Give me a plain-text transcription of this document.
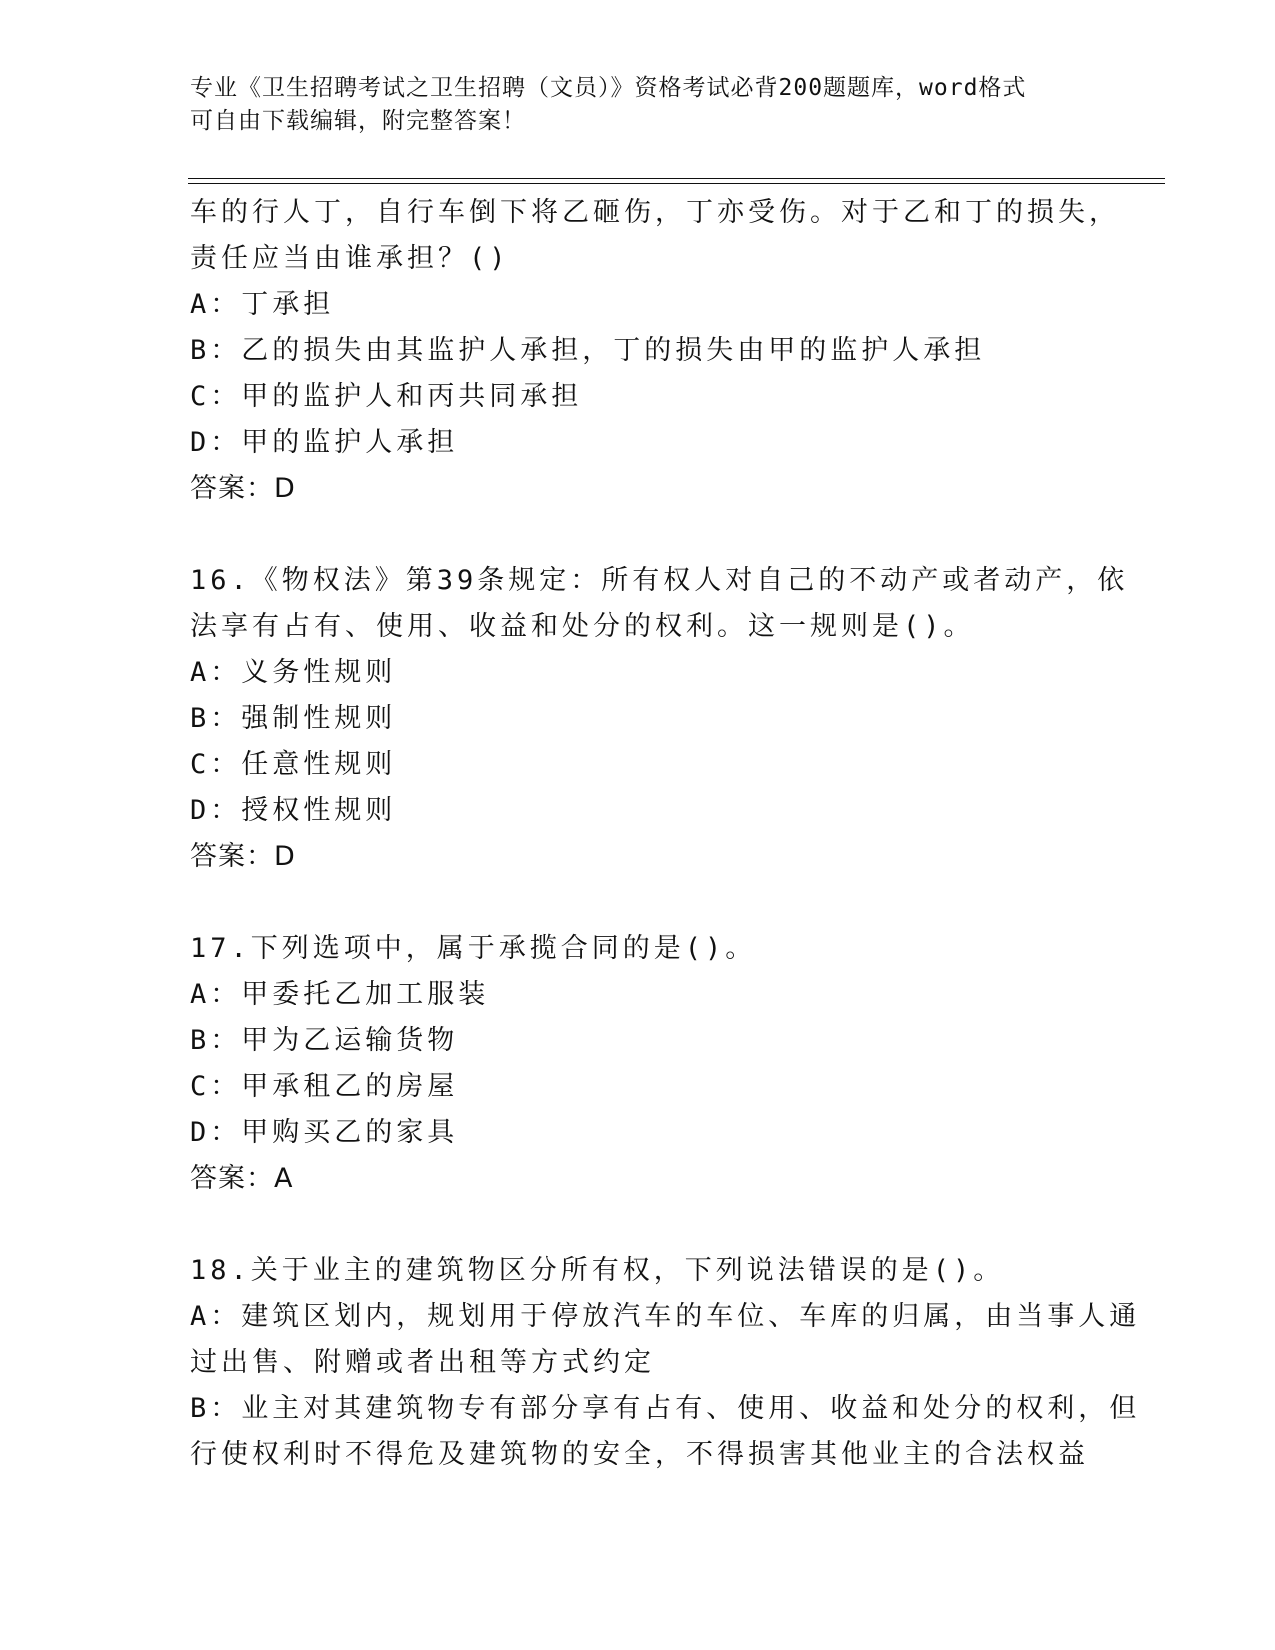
专业《卫生招聘考试之卫生招聘（文员）》资格考试必背200题题库，word格式
可自由下载编辑，附完整答案！
车的行人丁，自行车倒下将乙砸伤，丁亦受伤。对于乙和丁的损失，
责任应当由谁承担？()
A：丁承担
B：乙的损失由其监护人承担，丁的损失由甲的监护人承担
C：甲的监护人和丙共同承担
D：甲的监护人承担
答案：D
16.《物权法》第39条规定：所有权人对自己的不动产或者动产，依
法享有占有、使用、收益和处分的权利。这一规则是()。
A：义务性规则
B：强制性规则
C：任意性规则
D：授权性规则
答案：D
17.下列选项中，属于承揽合同的是()。
A：甲委托乙加工服装
B：甲为乙运输货物
C：甲承租乙的房屋
D：甲购买乙的家具
答案：A
18.关于业主的建筑物区分所有权，下列说法错误的是()。
A：建筑区划内，规划用于停放汽车的车位、车库的归属，由当事人通
过出售、附赠或者出租等方式约定
B：业主对其建筑物专有部分享有占有、使用、收益和处分的权利，但
行使权利时不得危及建筑物的安全，不得损害其他业主的合法权益
